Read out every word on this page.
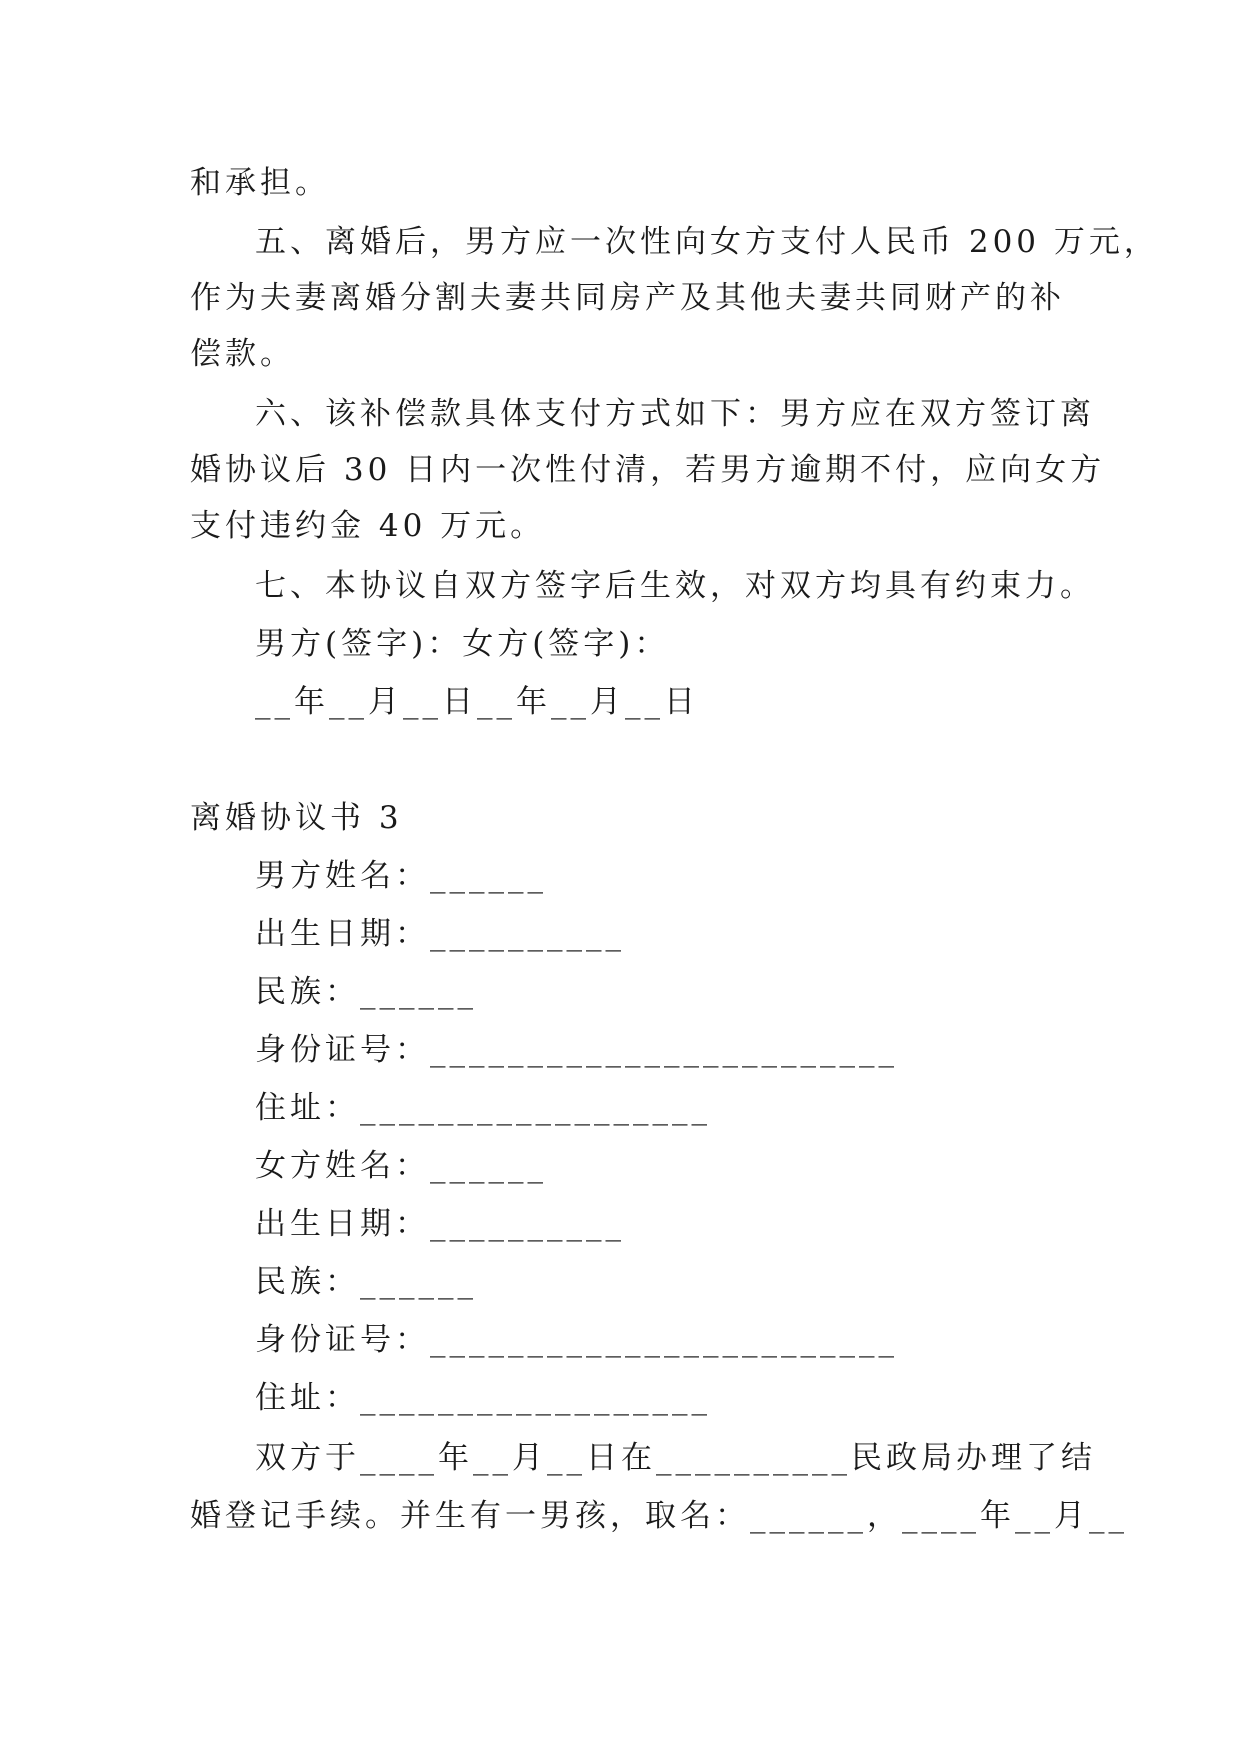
和承担。
五、离婚后，男方应一次性向女方支付人民币 200 万元，
作为夫妻离婚分割夫妻共同房产及其他夫妻共同财产的补
偿款。
六、该补偿款具体支付方式如下：男方应在双方签订离
婚协议后 30 日内一次性付清，若男方逾期不付，应向女方
支付违约金 40 万元。
七、本协议自双方签字后生效，对双方均具有约束力。
男方(签字)：女方(签字)：
__年__月__日__年__月__日
离婚协议书 3
男方姓名：______
出生日期：__________
民族：______
身份证号：________________________
住址：__________________
女方姓名：______
出生日期：__________
民族：______
身份证号：________________________
住址：__________________
双方于____年__月__日在__________民政局办理了结
婚登记手续。并生有一男孩，取名：______，____年__月__
